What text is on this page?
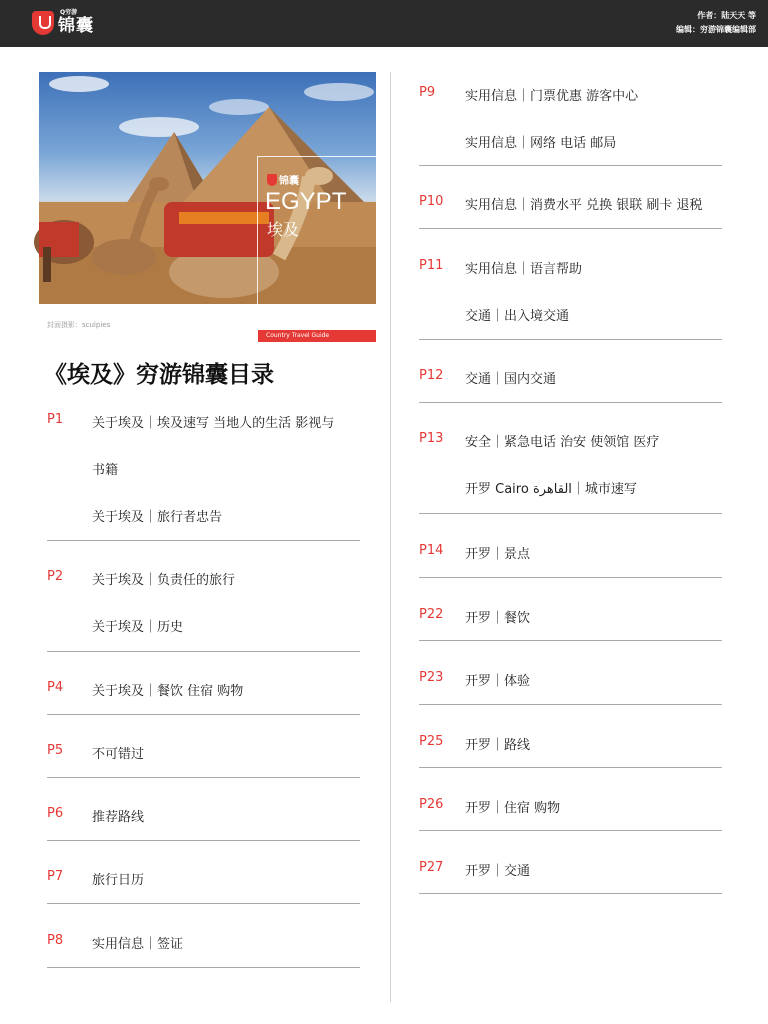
Q穷游
锦囊	作者：陆天天 等
编辑：穷游锦囊编辑部
锦囊
EGYPT
埃及
Country Travel Guide
封面摄影：sculpies
《埃及》穷游锦囊目录
P1 关于埃及｜埃及速写 当地人的生活 影视与
书籍
关于埃及｜旅行者忠告
P2 关于埃及｜负责任的旅行
关于埃及｜历史
P4 关于埃及｜餐饮 住宿 购物
P5 不可错过
P6 推荐路线
P7 旅行日历
P8 实用信息｜签证
P9 实用信息｜门票优惠 游客中心
实用信息｜网络 电话 邮局
P10 实用信息｜消费水平 兑换 银联 刷卡 退税
P11 实用信息｜语言帮助
交通｜出入境交通
P12 交通｜国内交通
P13 安全｜紧急电话 治安 使领馆 医疗
开罗 Cairo القاهرة｜城市速写
P14 开罗｜景点
P22 开罗｜餐饮
P23 开罗｜体验
P25 开罗｜路线
P26 开罗｜住宿 购物
P27 开罗｜交通
